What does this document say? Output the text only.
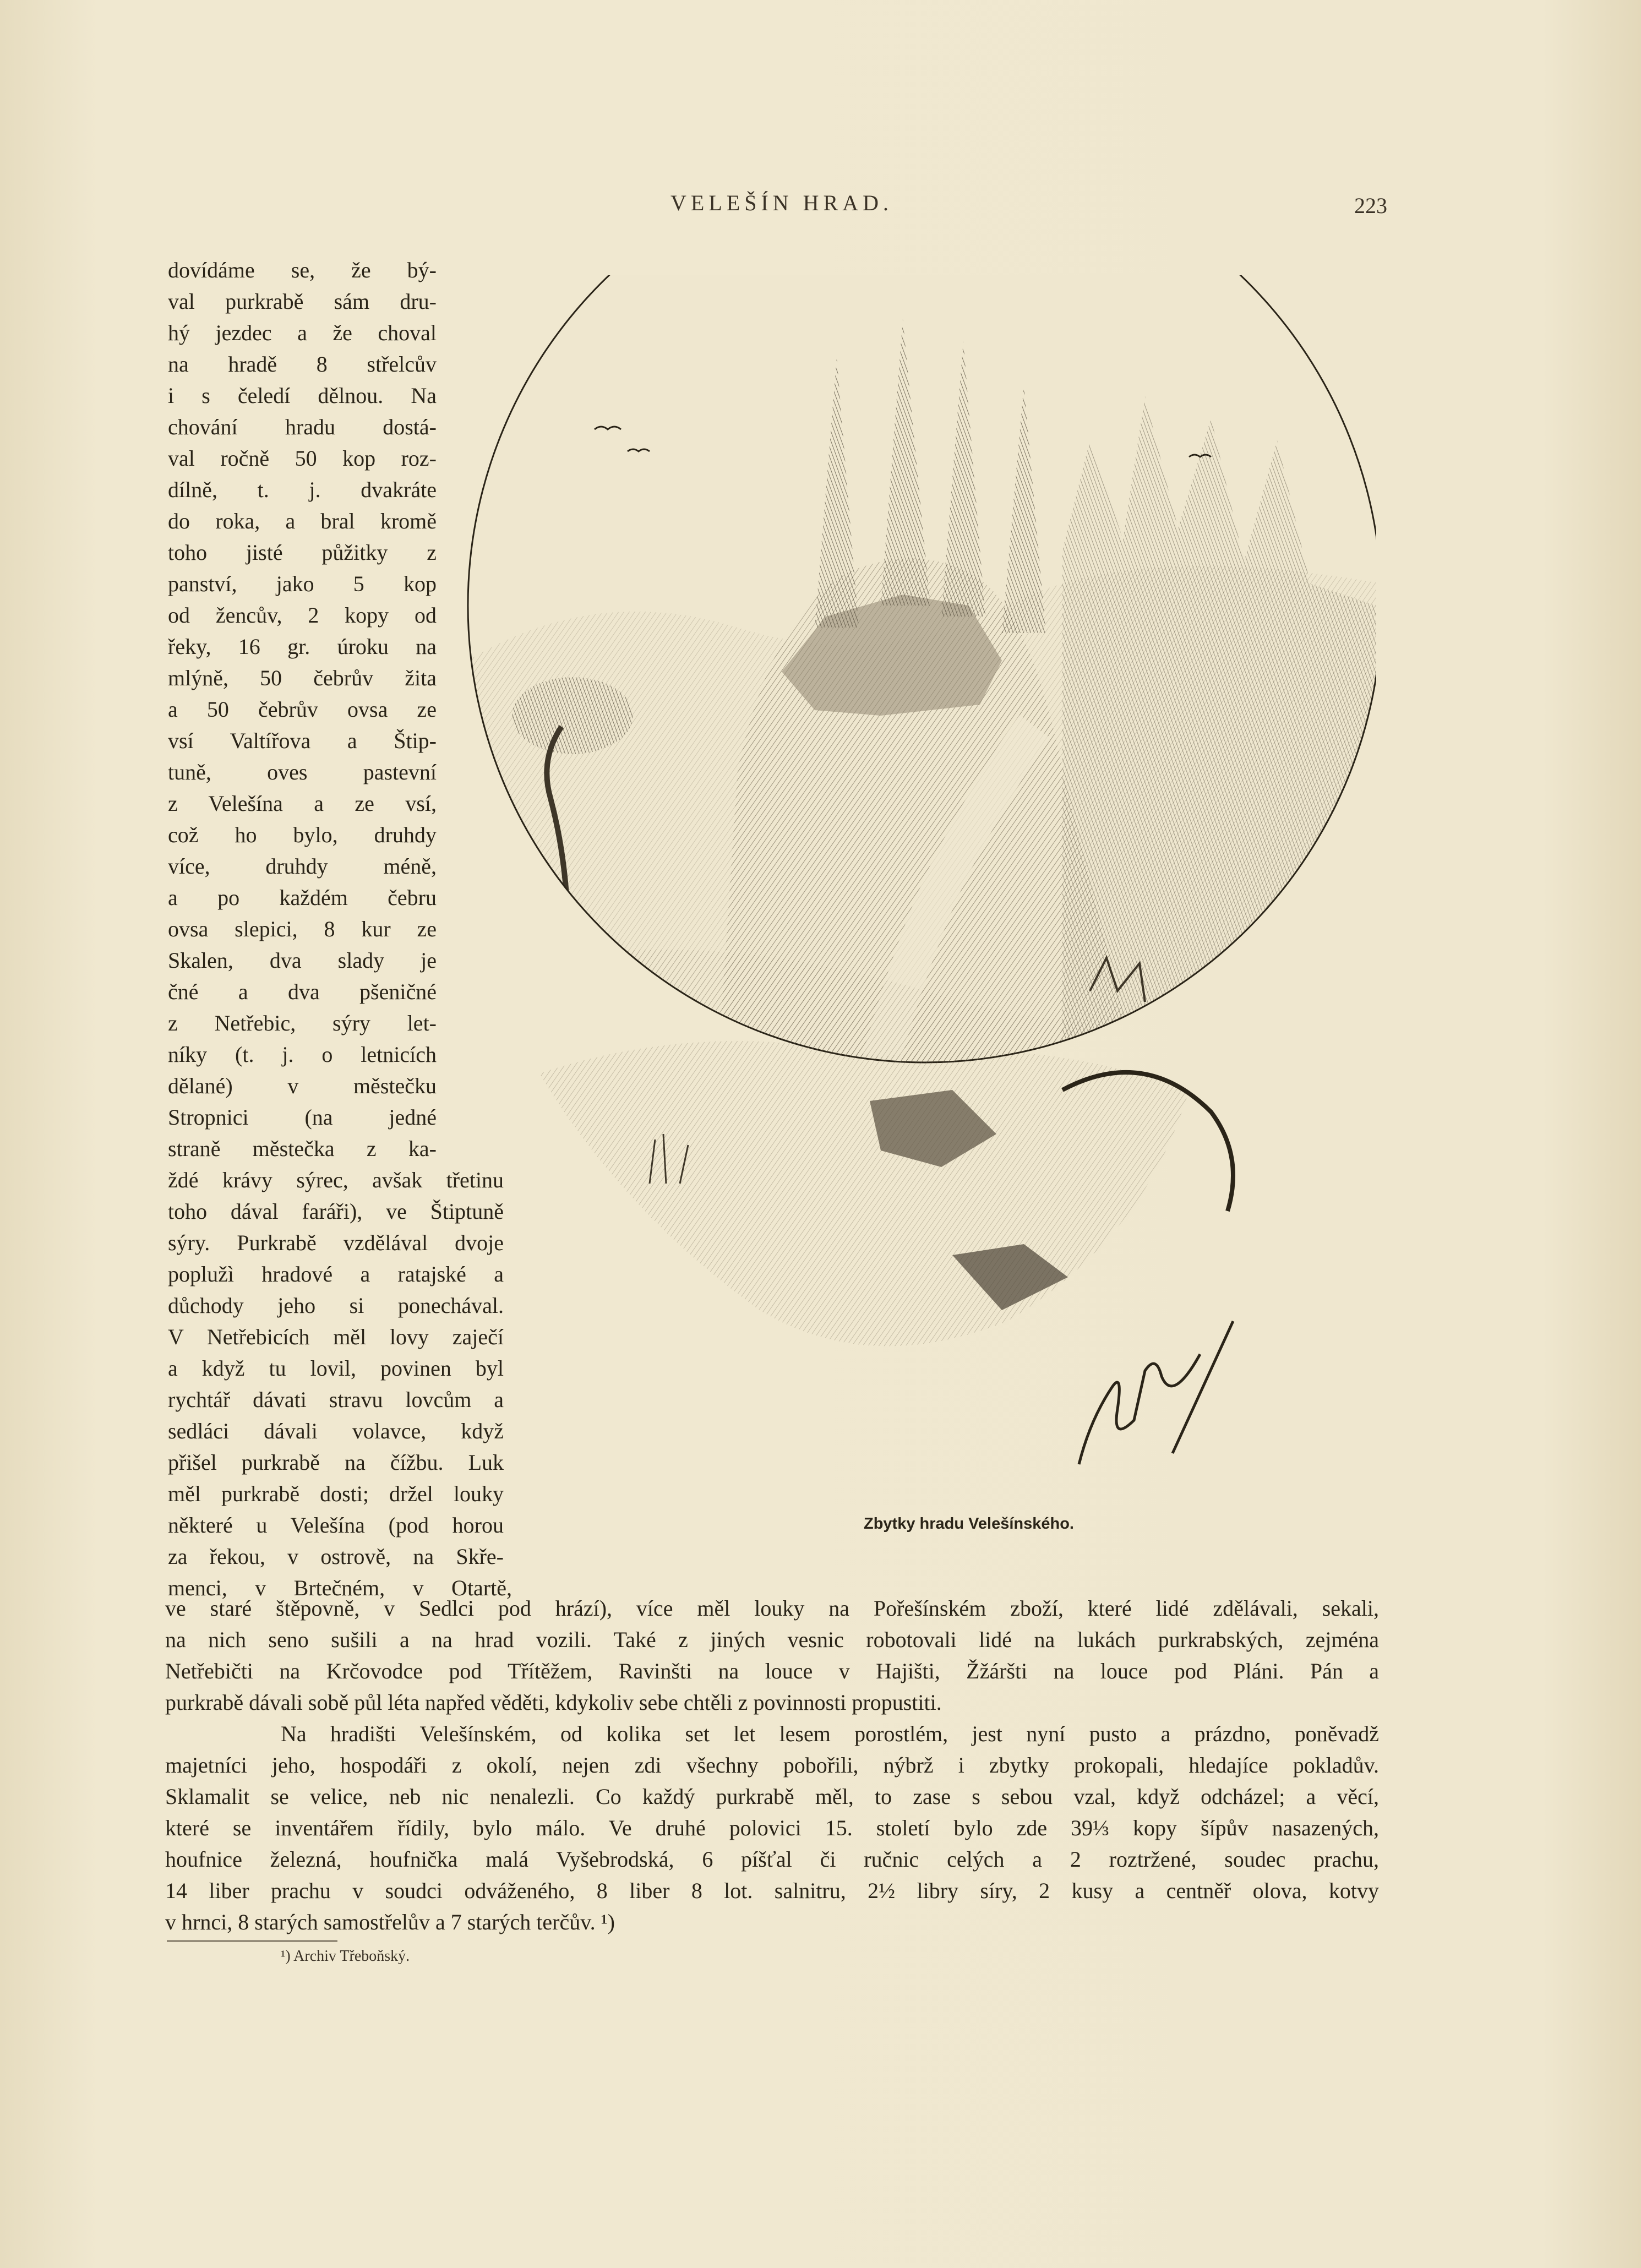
VELEŠÍN HRAD.	223
dovídáme se, že bý-
val purkrabě sám dru-
hý jezdec a že choval
na hradě 8 střelcův
i s čeledí dělnou. Na
chování hradu dostá-
val ročně 50 kop roz-
dílně, t. j. dvakráte
do roka, a bral kromě
toho jisté půžitky z
panství, jako 5 kop
od žencův, 2 kopy od
řeky, 16 gr. úroku na
mlýně, 50 čebrův žita
a 50 čebrův ovsa ze
vsí Valtířova a Štip-
tuně, oves pastevní
z Velešína a ze vsí,
což ho bylo, druhdy
více, druhdy méně,
a po každém čebru
ovsa slepici, 8 kur ze
Skalen, dva slady je
čné a dva pšeničné
z Netřebic, sýry let-
níky (t. j. o letnicích
dělané) v městečku
Stropnici (na jedné
straně městečka z ka-
ždé krávy sýrec, avšak třetinu
toho dával faráři), ve Štiptuně
sýry. Purkrabě vzdělával dvoje
poplužì hradové a ratajské a
důchody jeho si ponechával.
V Netřebicích měl lovy zaječí
a když tu lovil, povinen byl
rychtář dávati stravu lovcům a
sedláci dávali volavce, když
přišel purkrabě na čížbu. Luk
měl purkrabě dosti; držel louky
některé u Velešína (pod horou
za řekou, v ostrově, na Skře-
menci, v Brtečném, v Otartě,
Zbytky hradu Velešínského.
ve staré štěpovně, v Sedlci pod hrází), více měl louky na Pořešínském zboží, které lidé zdělávali, sekali,
na nich seno sušili a na hrad vozili. Také z jiných vesnic robotovali lidé na lukách purkrabských, zejména
Netřebičti na Krčovodce pod Třítěžem, Ravinšti na louce v Hajišti, Žžáršti na louce pod Pláni. Pán a
purkrabě dávali sobě půl léta napřed věděti, kdykoliv sebe chtěli z povinnosti propustiti.
Na hradišti Velešínském, od kolika set let lesem porostlém, jest nyní pusto a prázdno, poněvadž
majetníci jeho, hospodáři z okolí, nejen zdi všechny pobořili, nýbrž i zbytky prokopali, hledajíce pokladův.
Sklamalit se velice, neb nic nenalezli. Co každý purkrabě měl, to zase s sebou vzal, když odcházel; a věcí,
které se inventářem řídily, bylo málo. Ve druhé polovici 15. století bylo zde 39⅓ kopy šípův nasazených,
houfnice železná, houfnička malá Vyšebrodská, 6 píšťal či ručnic celých a 2 roztržené, soudec prachu,
14 liber prachu v soudci odváženého, 8 liber 8 lot. salnitru, 2½ libry síry, 2 kusy a centněř olova, kotvy
v hrnci, 8 starých samostřelův a 7 starých terčův. ¹)
¹) Archiv Třeboňský.
